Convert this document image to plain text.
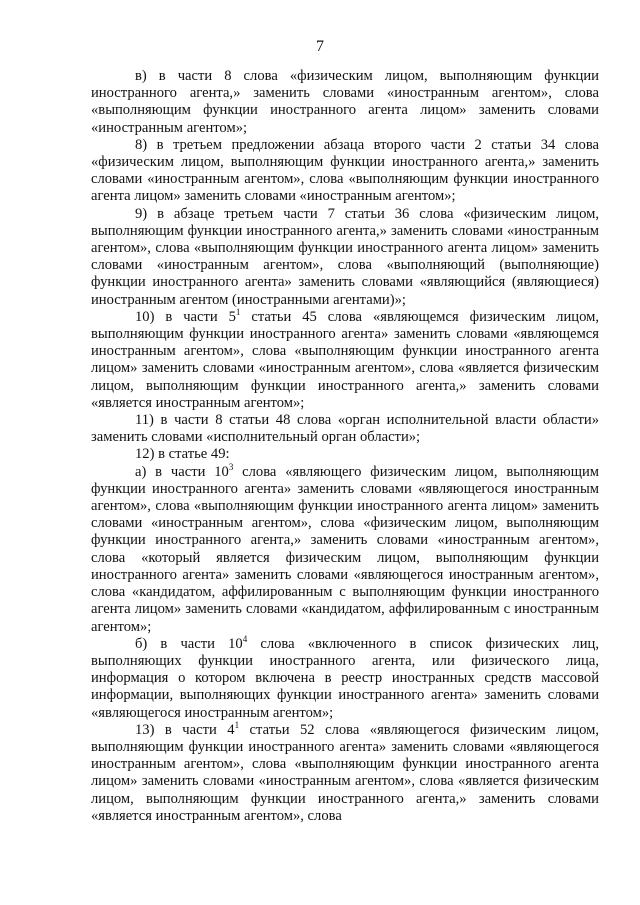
7

в) в части 8 слова «физическим лицом, выполняющим функции иностранного агента,» заменить словами «иностранным агентом», слова «выполняющим функции иностранного агента лицом» заменить словами «иностранным агентом»;

8) в третьем предложении абзаца второго части 2 статьи 34 слова «физическим лицом, выполняющим функции иностранного агента,» заменить словами «иностранным агентом», слова «выполняющим функции иностранного агента лицом» заменить словами «иностранным агентом»;

9) в абзаце третьем части 7 статьи 36 слова «физическим лицом, выполняющим функции иностранного агента,» заменить словами «иностранным агентом», слова «выполняющим функции иностранного агента лицом» заменить словами «иностранным агентом», слова «выполняющий (выполняющие) функции иностранного агента» заменить словами «являющийся (являющиеся) иностранным агентом (иностранными агентами)»;

10) в части $5^1$ статьи 45 слова «являющемся физическим лицом, выполняющим функции иностранного агента» заменить словами «являющемся иностранным агентом», слова «выполняющим функции иностранного агента лицом» заменить словами «иностранным агентом», слова «является физическим лицом, выполняющим функции иностранного агента,» заменить словами «является иностранным агентом»;

11) в части 8 статьи 48 слова «орган исполнительной власти области» заменить словами «исполнительный орган области»;

12) в статье 49:

а) в части $10^3$ слова «являющего физическим лицом, выполняющим функции иностранного агента» заменить словами «являющегося иностранным агентом», слова «выполняющим функции иностранного агента лицом» заменить словами «иностранным агентом», слова «физическим лицом, выполняющим функции иностранного агента,» заменить словами «иностранным агентом», слова «который является физическим лицом, выполняющим функции иностранного агента» заменить словами «являющегося иностранным агентом», слова «кандидатом, аффилированным с выполняющим функции иностранного агента лицом» заменить словами «кандидатом, аффилированным с иностранным агентом»;

б) в части $10^4$ слова «включенного в список физических лиц, выполняющих функции иностранного агента, или физического лица, информация о котором включена в реестр иностранных средств массовой информации, выполняющих функции иностранного агента» заменить словами «являющегося иностранным агентом»;

13) в части $4^1$ статьи 52 слова «являющегося физическим лицом, выполняющим функции иностранного агента» заменить словами «являющегося иностранным агентом», слова «выполняющим функции иностранного агента лицом» заменить словами «иностранным агентом», слова «является физическим лицом, выполняющим функции иностранного агента,» заменить словами «является иностранным агентом», слова
